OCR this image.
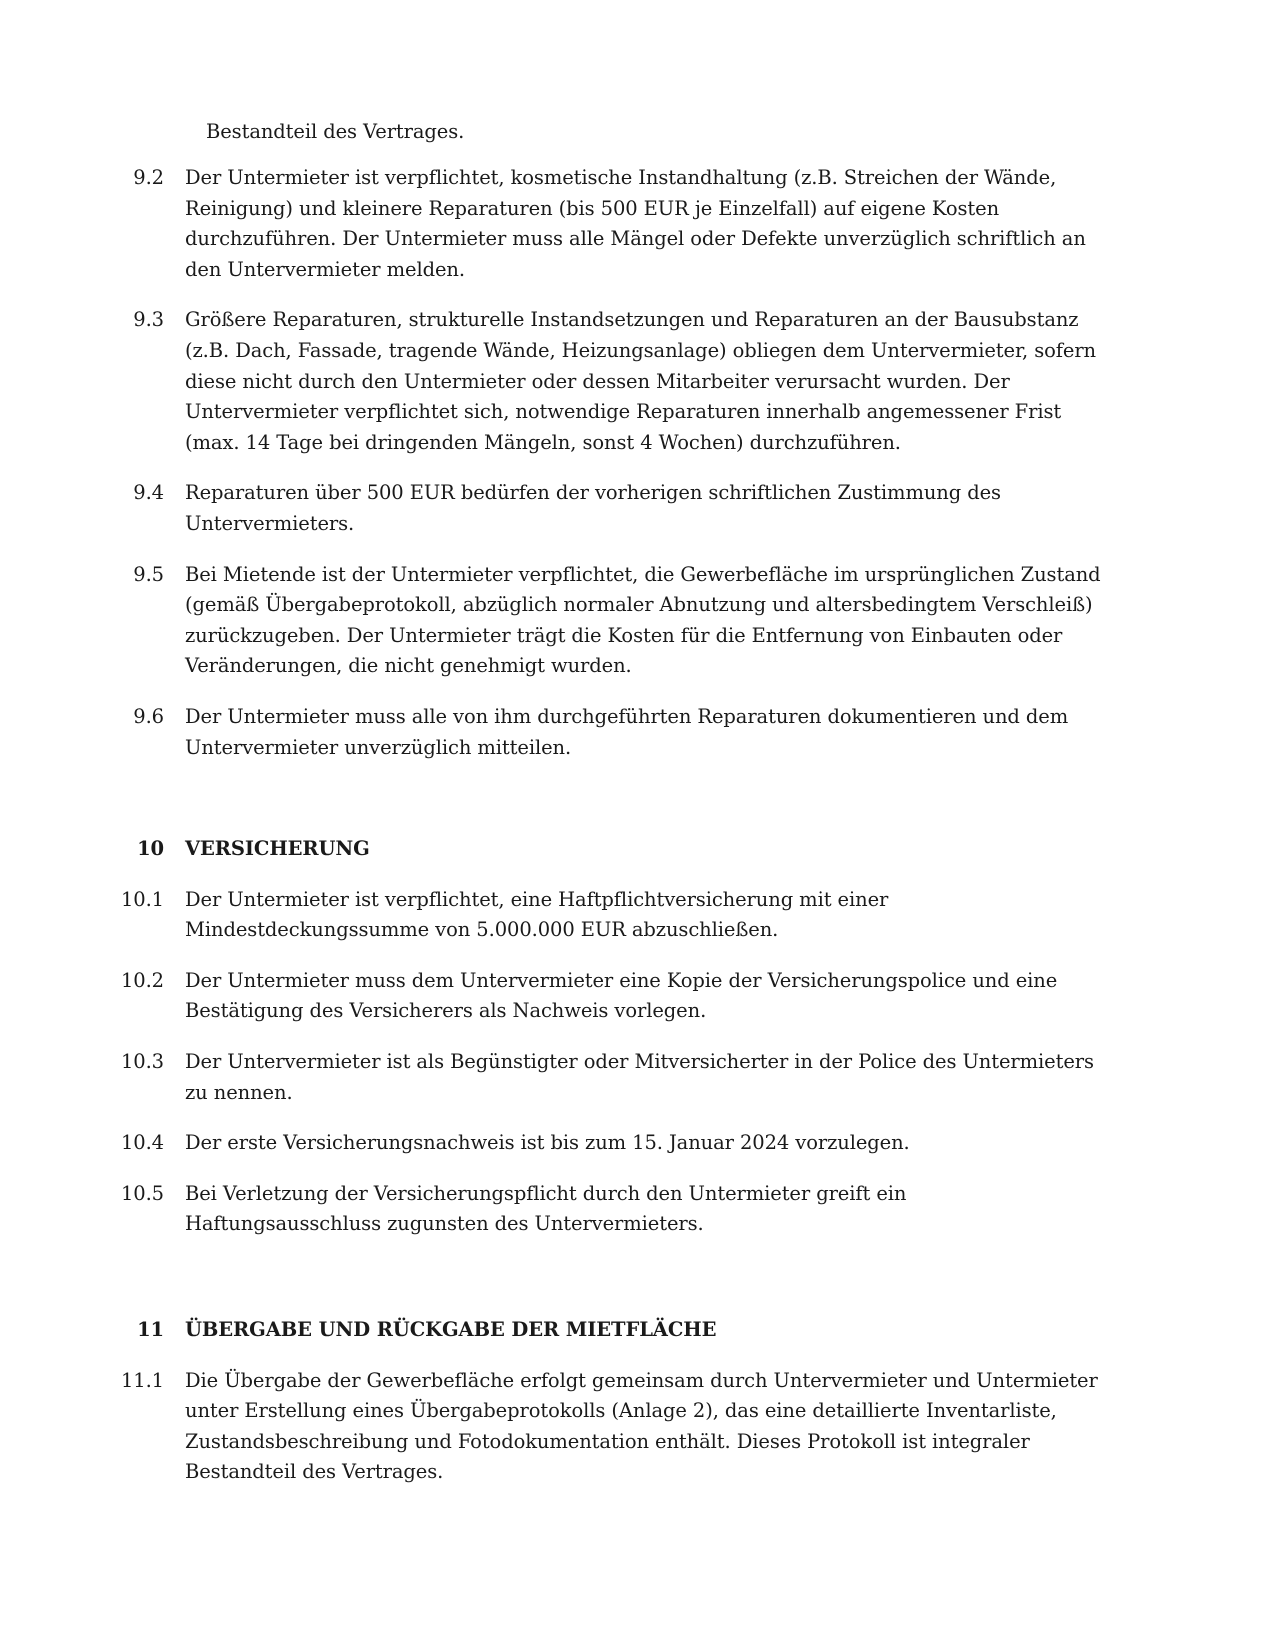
Bestandteil des Vertrages.
9.2	Der Untermieter ist verpflichtet, kosmetische Instandhaltung (z.B. Streichen der Wände, Reinigung) und kleinere Reparaturen (bis 500 EUR je Einzelfall) auf eigene Kosten durchzuführen. Der Untermieter muss alle Mängel oder Defekte unverzüglich schriftlich an den Untervermieter melden.
9.3	Größere Reparaturen, strukturelle Instandsetzungen und Reparaturen an der Bausubstanz (z.B. Dach, Fassade, tragende Wände, Heizungsanlage) obliegen dem Untervermieter, sofern diese nicht durch den Untermieter oder dessen Mitarbeiter verursacht wurden. Der Untervermieter verpflichtet sich, notwendige Reparaturen innerhalb angemessener Frist (max. 14 Tage bei dringenden Mängeln, sonst 4 Wochen) durchzuführen.
9.4	Reparaturen über 500 EUR bedürfen der vorherigen schriftlichen Zustimmung des Untervermieters.
9.5	Bei Mietende ist der Untermieter verpflichtet, die Gewerbefläche im ursprünglichen Zustand (gemäß Übergabeprotokoll, abzüglich normaler Abnutzung und altersbedingtem Verschleiß) zurückzugeben. Der Untermieter trägt die Kosten für die Entfernung von Einbauten oder Veränderungen, die nicht genehmigt wurden.
9.6	Der Untermieter muss alle von ihm durchgeführten Reparaturen dokumentieren und dem Untervermieter unverzüglich mitteilen.
10	VERSICHERUNG
10.1	Der Untermieter ist verpflichtet, eine Haftpflichtversicherung mit einer Mindestdeckungssumme von 5.000.000 EUR abzuschließen.
10.2	Der Untermieter muss dem Untervermieter eine Kopie der Versicherungspolice und eine Bestätigung des Versicherers als Nachweis vorlegen.
10.3	Der Untervermieter ist als Begünstigter oder Mitversicherter in der Police des Untermieters zu nennen.
10.4	Der erste Versicherungsnachweis ist bis zum 15. Januar 2024 vorzulegen.
10.5	Bei Verletzung der Versicherungspflicht durch den Untermieter greift ein Haftungsausschluss zugunsten des Untervermieters.
11	ÜBERGABE UND RÜCKGABE DER MIETFLÄCHE
11.1	Die Übergabe der Gewerbefläche erfolgt gemeinsam durch Untervermieter und Untermieter unter Erstellung eines Übergabeprotokolls (Anlage 2), das eine detaillierte Inventarliste, Zustandsbeschreibung und Fotodokumentation enthält. Dieses Protokoll ist integraler Bestandteil des Vertrages.
